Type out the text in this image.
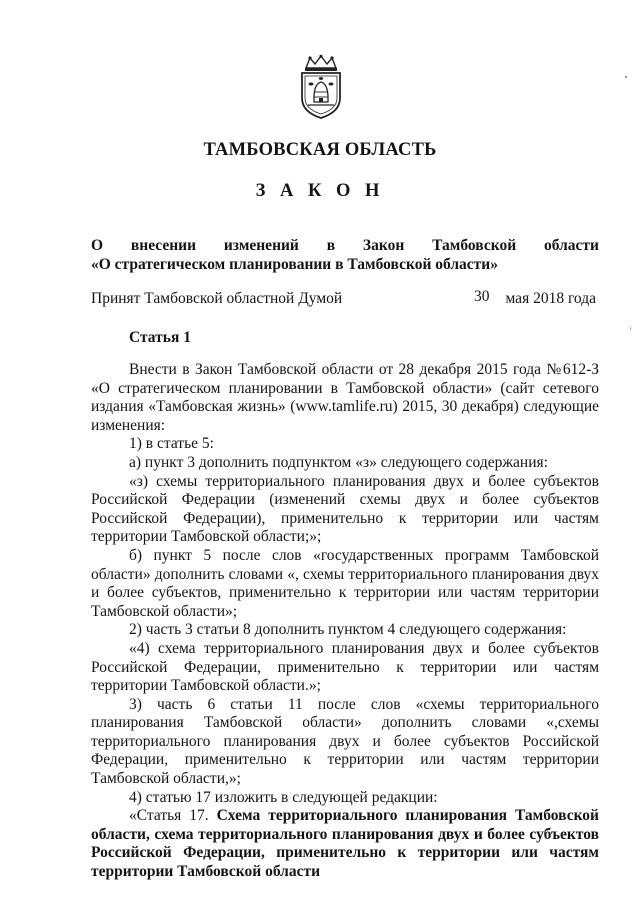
ТАМБОВСКАЯ ОБЛАСТЬ
З А К О Н
О внесении изменений в Закон Тамбовской области
«О стратегическом планировании в Тамбовской области»
Принят Тамбовской областной Думой	мая 2018 года
30
Статья 1

Внести в Закон Тамбовской области от 28 декабря 2015 года №612-З «О стратегическом планировании в Тамбовской области» (сайт сетевого издания «Тамбовская жизнь» (www.tamlife.ru) 2015, 30 декабря) следующие изменения:

1) в статье 5:

а) пункт 3 дополнить подпунктом «з» следующего содержания:

«з) схемы территориального планирования двух и более субъектов Российской Федерации (изменений схемы двух и более субъектов Российской Федерации), применительно к территории или частям территории Тамбовской области;»;

б) пункт 5 после слов «государственных программ Тамбовской области» дополнить словами «, схемы территориального планирования двух и более субъектов, применительно к территории или частям территории Тамбовской области»;

2) часть 3 статьи 8 дополнить пунктом 4 следующего содержания:

«4) схема территориального планирования двух и более субъектов Российской Федерации, применительно к территории или частям территории Тамбовской области.»;

3) часть 6 статьи 11 после слов «схемы территориального планирования Тамбовской области» дополнить словами «,схемы территориального планирования двух и более субъектов Российской Федерации, применительно к территории или частям территории Тамбовской области,»;

4) статью 17 изложить в следующей редакции:

«Статья 17. Схема территориального планирования Тамбовской области, схема территориального планирования двух и более субъектов Российской Федерации, применительно к территории или частям территории Тамбовской области
